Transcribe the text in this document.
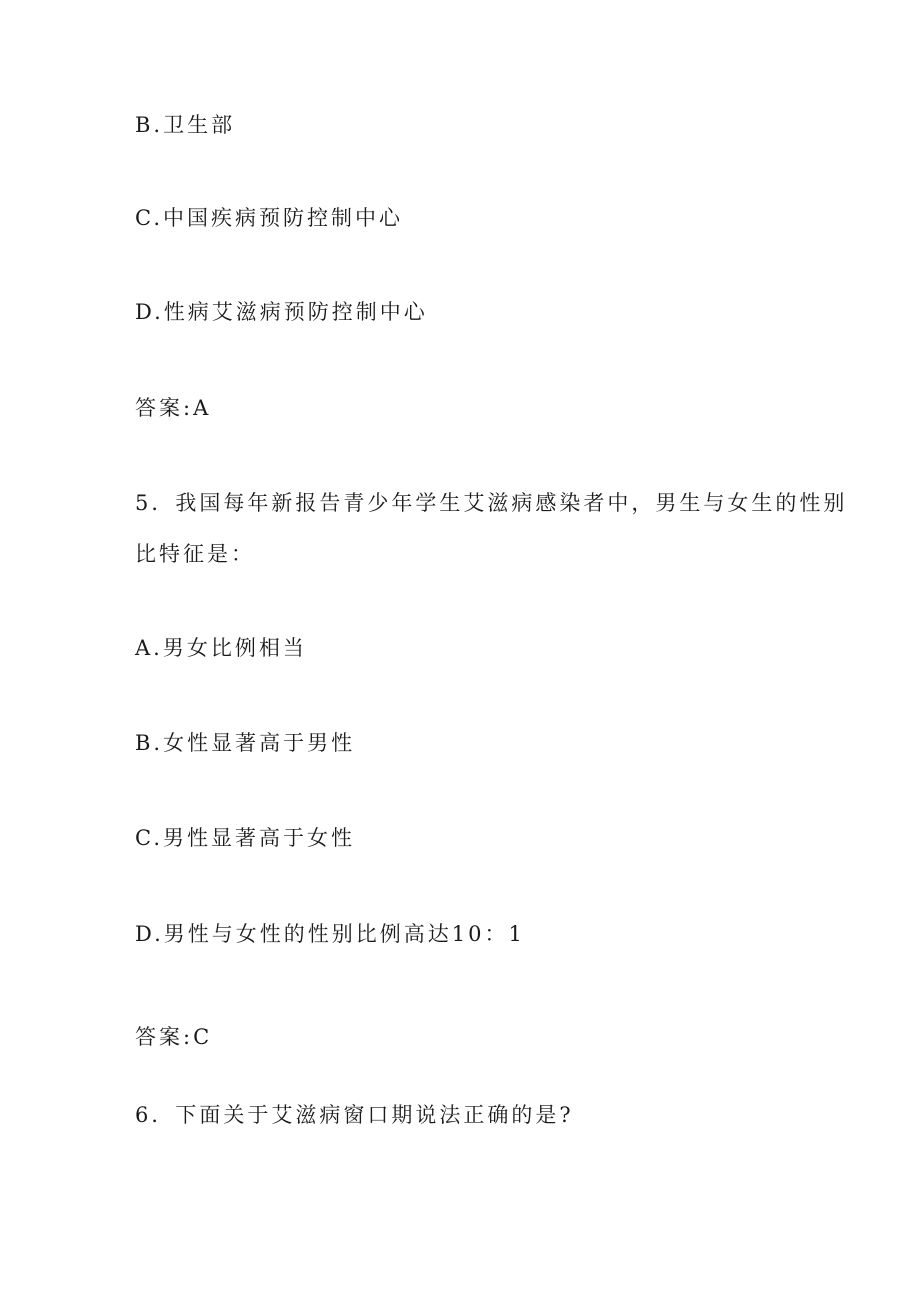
B.卫生部
C.中国疾病预防控制中心
D.性病艾滋病预防控制中心
答案:A
5．我国每年新报告青少年学生艾滋病感染者中，男生与女生的性别
比特征是：
A.男女比例相当
B.女性显著高于男性
C.男性显著高于女性
D.男性与女性的性别比例高达10：1
答案:C
6．下面关于艾滋病窗口期说法正确的是?
